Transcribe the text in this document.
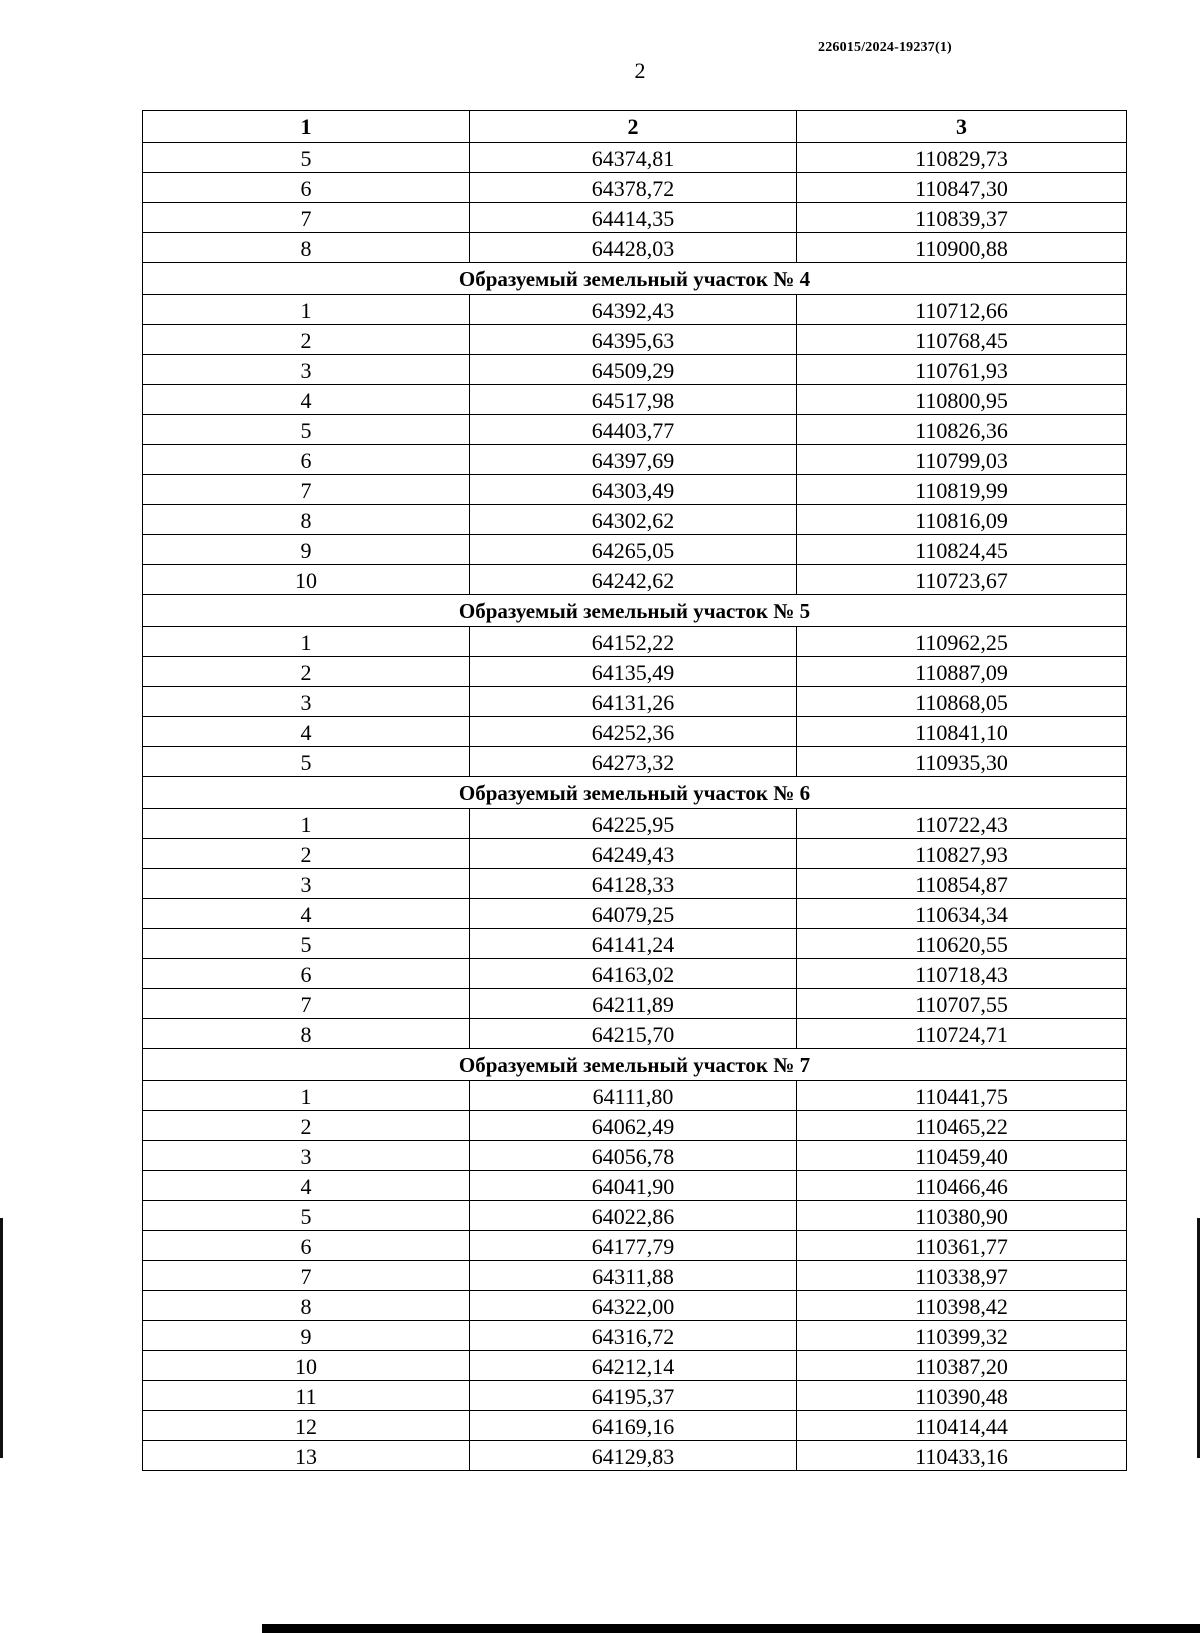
226015/2024-19237(1)
2
1	2	3
5	64374,81	110829,73
6	64378,72	110847,30
7	64414,35	110839,37
8	64428,03	110900,88
Образуемый земельный участок № 4		
1	64392,43	110712,66
2	64395,63	110768,45
3	64509,29	110761,93
4	64517,98	110800,95
5	64403,77	110826,36
6	64397,69	110799,03
7	64303,49	110819,99
8	64302,62	110816,09
9	64265,05	110824,45
10	64242,62	110723,67
Образуемый земельный участок № 5		
1	64152,22	110962,25
2	64135,49	110887,09
3	64131,26	110868,05
4	64252,36	110841,10
5	64273,32	110935,30
Образуемый земельный участок № 6		
1	64225,95	110722,43
2	64249,43	110827,93
3	64128,33	110854,87
4	64079,25	110634,34
5	64141,24	110620,55
6	64163,02	110718,43
7	64211,89	110707,55
8	64215,70	110724,71
Образуемый земельный участок № 7		
1	64111,80	110441,75
2	64062,49	110465,22
3	64056,78	110459,40
4	64041,90	110466,46
5	64022,86	110380,90
6	64177,79	110361,77
7	64311,88	110338,97
8	64322,00	110398,42
9	64316,72	110399,32
10	64212,14	110387,20
11	64195,37	110390,48
12	64169,16	110414,44
13	64129,83	110433,16
